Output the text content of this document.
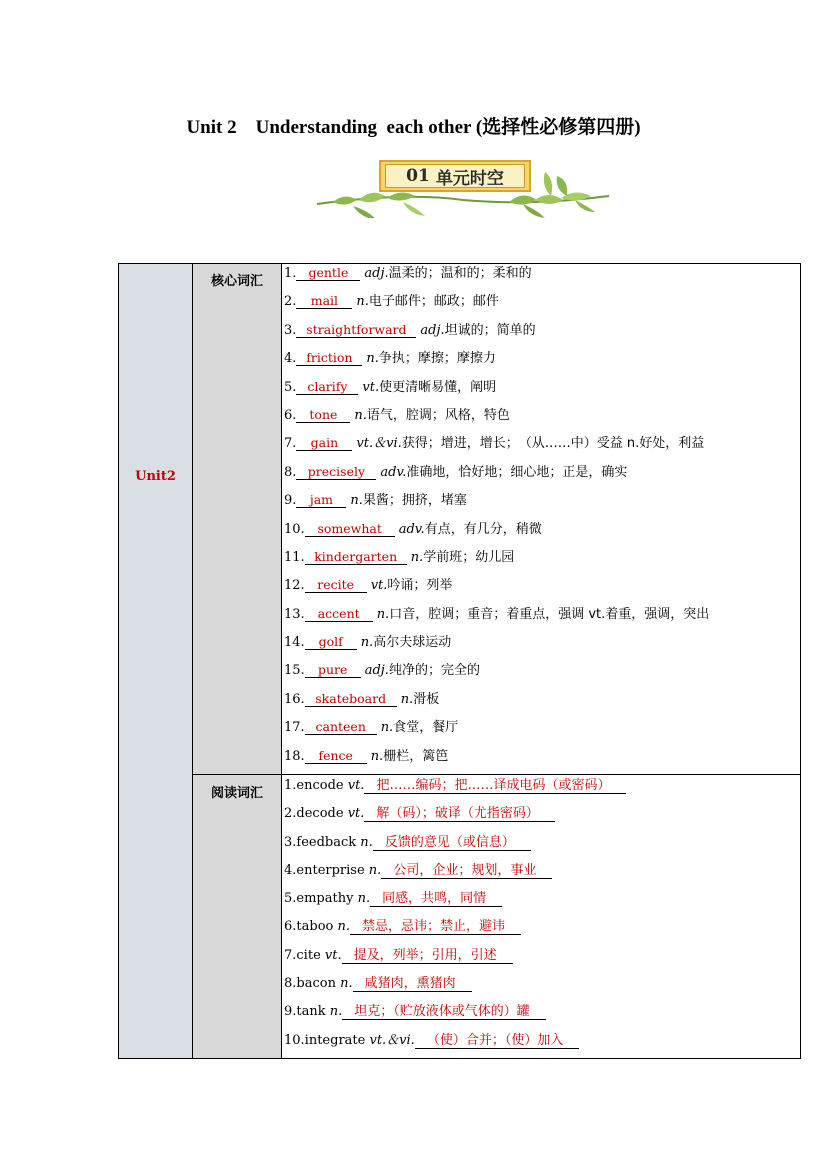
Unit 2    Understanding  each other (选择性必修第四册)
01 单元时空
Unit2
核心词汇
阅读词汇
1. gentle adj.温柔的；温和的；柔和的
2. mail n.电子邮件；邮政；邮件
3. straightforward adj.坦诚的；简单的
4. friction n.争执；摩擦；摩擦力
5. clarify vt.使更清晰易懂，阐明
6. tone n.语气，腔调；风格，特色
7. gain vt.＆vi.获得；增进，增长；　（从……中）受益 n.好处，利益
8. precisely adv.准确地，恰好地；细心地；正是，确实
9. jam n.果酱；拥挤，堵塞
10. somewhat adv.有点，有几分，稍微
11. kindergarten n.学前班；幼儿园
12. recite vt.吟诵；列举
13. accent n.口音，腔调；重音；着重点，强调 vt.着重，强调，突出
14. golf n.高尔夫球运动
15. pure adj.纯净的；完全的
16. skateboard n.滑板
17. canteen n.食堂，餐厅
18. fence n.栅栏，篱笆
1.encode vt. 把……编码；把……译成电码（或密码）
2.decode vt. 解（码）；破译（尤指密码）
3.feedback n. 反馈的意见（或信息）
4.enterprise n. 公司，企业；规划，事业
5.empathy n. 同感，共鸣，同情
6.taboo n. 禁忌，忌讳；禁止，避讳
7.cite vt. 提及，列举；引用，引述
8.bacon n. 咸猪肉，熏猪肉
9.tank n. 坦克；（贮放液体或气体的）罐
10.integrate vt.＆vi. （使）合并；（使）加入
